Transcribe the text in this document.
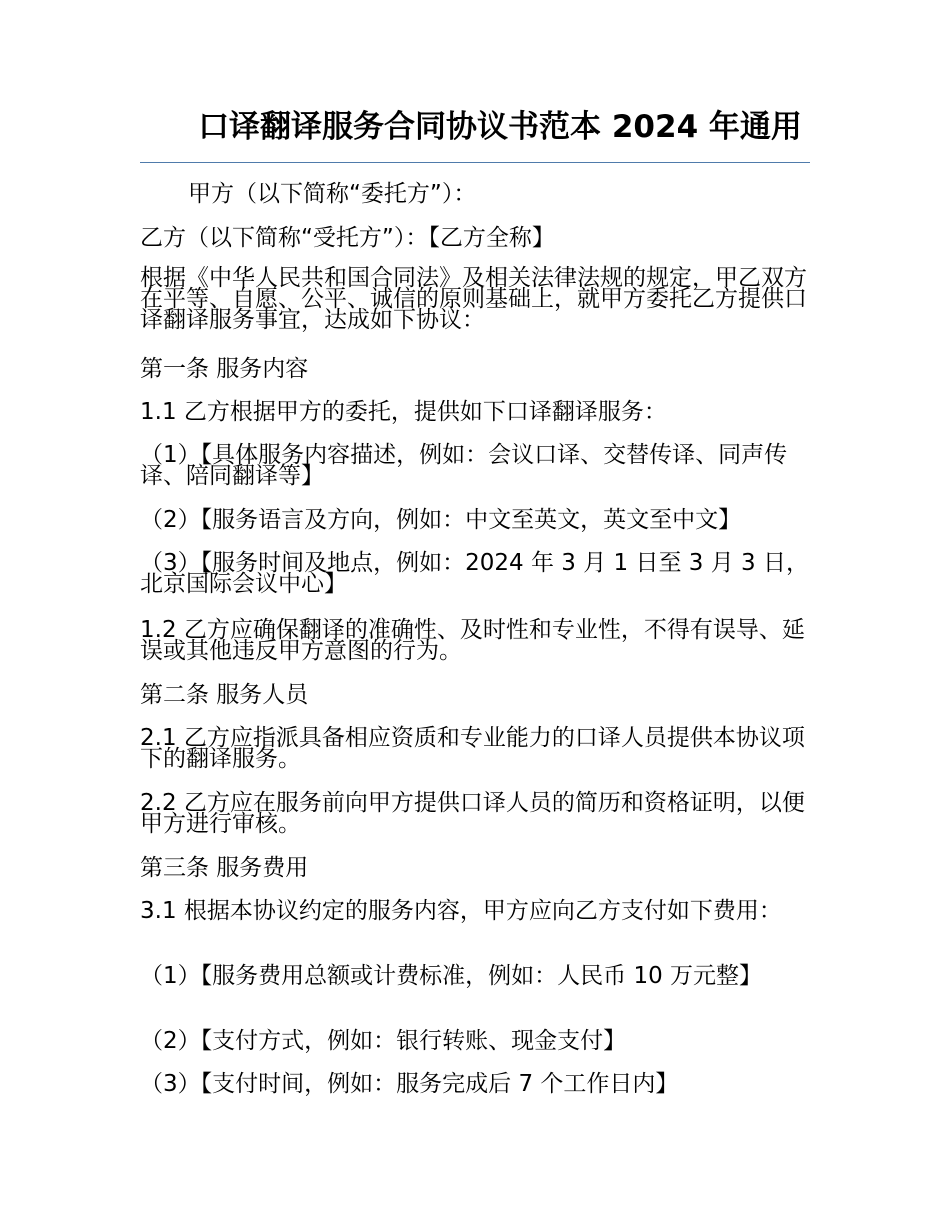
口译翻译服务合同协议书范本 2024 年通用

甲方（以下简称“委托方”）：

乙方（以下简称“受托方”）：【乙方全称】

根据《中华人民共和国合同法》及相关法律法规的规定，甲乙双方在平等、自愿、公平、诚信的原则基础上，就甲方委托乙方提供口译翻译服务事宜，达成如下协议：

第一条 服务内容

1.1 乙方根据甲方的委托，提供如下口译翻译服务：

（1）【具体服务内容描述，例如：会议口译、交替传译、同声传译、陪同翻译等】

（2）【服务语言及方向，例如：中文至英文，英文至中文】

（3）【服务时间及地点，例如：2024 年 3 月 1 日至 3 月 3 日，北京国际会议中心】

1.2 乙方应确保翻译的准确性、及时性和专业性，不得有误导、延误或其他违反甲方意图的行为。

第二条 服务人员

2.1 乙方应指派具备相应资质和专业能力的口译人员提供本协议项下的翻译服务。

2.2 乙方应在服务前向甲方提供口译人员的简历和资格证明，以便甲方进行审核。

第三条 服务费用

3.1 根据本协议约定的服务内容，甲方应向乙方支付如下费用：

（1）【服务费用总额或计费标准，例如：人民币 10 万元整】

（2）【支付方式，例如：银行转账、现金支付】

（3）【支付时间，例如：服务完成后 7 个工作日内】
